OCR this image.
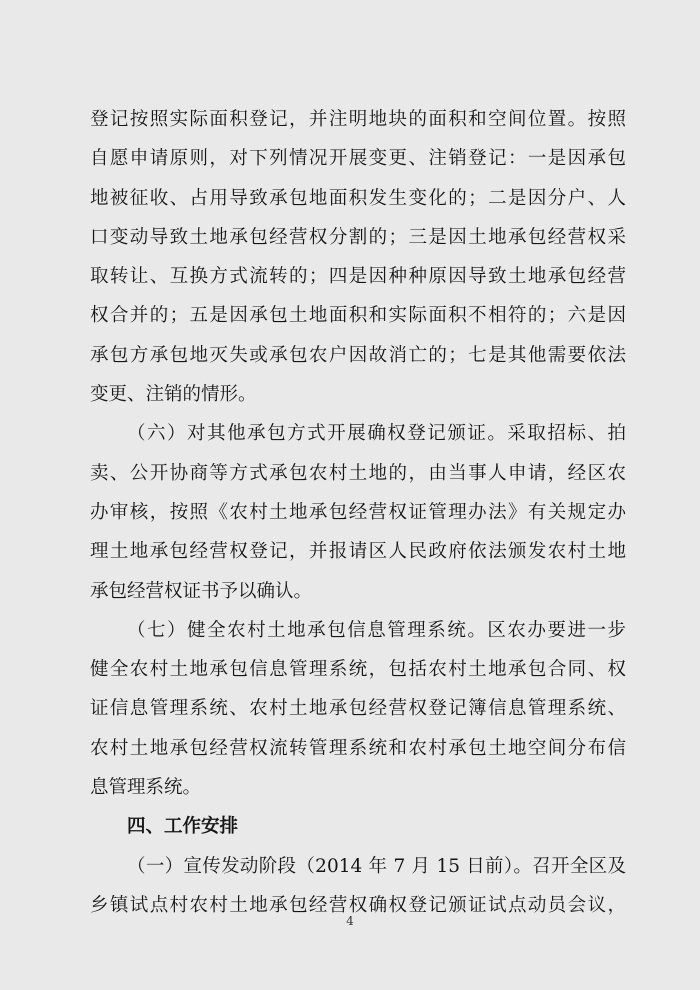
登记按照实际面积登记，并注明地块的面积和空间位置。按照
自愿申请原则，对下列情况开展变更、注销登记：一是因承包
地被征收、占用导致承包地面积发生变化的；二是因分户、人
口变动导致土地承包经营权分割的；三是因土地承包经营权采
取转让、互换方式流转的；四是因种种原因导致土地承包经营
权合并的；五是因承包土地面积和实际面积不相符的；六是因
承包方承包地灭失或承包农户因故消亡的；七是其他需要依法
变更、注销的情形。
（六）对其他承包方式开展确权登记颁证。采取招标、拍
卖、公开协商等方式承包农村土地的，由当事人申请，经区农
办审核，按照《农村土地承包经营权证管理办法》有关规定办
理土地承包经营权登记，并报请区人民政府依法颁发农村土地
承包经营权证书予以确认。
（七）健全农村土地承包信息管理系统。区农办要进一步
健全农村土地承包信息管理系统，包括农村土地承包合同、权
证信息管理系统、农村土地承包经营权登记簿信息管理系统、
农村土地承包经营权流转管理系统和农村承包土地空间分布信
息管理系统。
四、工作安排
（一）宣传发动阶段（2014 年 7 月 15 日前）。召开全区及
乡镇试点村农村土地承包经营权确权登记颁证试点动员会议，
4
